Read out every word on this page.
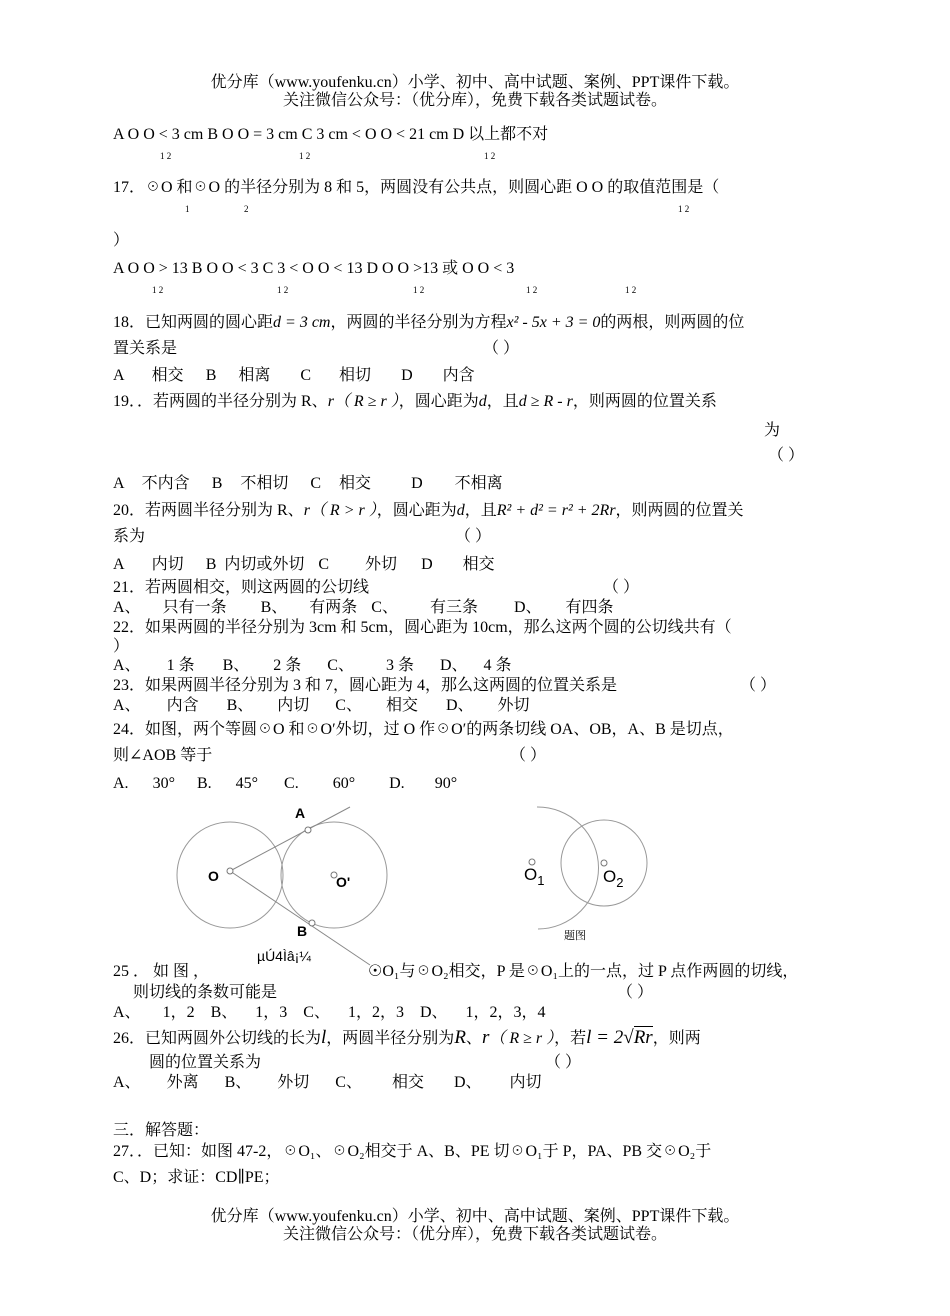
优分库（www.youfenku.cn）小学、初中、高中试题、案例、PPT课件下载。
关注微信公众号：（优分库），免费下载各类试题试卷。
A O O < 3 cm B O O = 3 cm C 3 cm < O O < 21 cm D 以上都不对
1 2	1 2	1 2
17．☉O 和☉O 的半径分别为 8 和 5，两圆没有公共点，则圆心距 O O 的取值范围是（
1	2	1 2
）
A O O > 13 B O O < 3 C 3 < O O < 13 D O O >13 或 O O < 3
1 2	1 2	1 2	1 2	1 2
18．已知两圆的圆心距d = 3 cm，两圆的半径分别为方程x² - 5x + 3 = 0的两根，则两圆的位
置关系是	（ ）
A 相交 B 相离 C 相切 D 内含
19．．若两圆的半径分别为 R、r（ R ≥ r ），圆心距为d，且d ≥ R - r，则两圆的位置关系
为
（ ）
A 不内含 B 不相切 C 相交	D 不相离
20．若两圆半径分别为 R、r（ R > r ），圆心距为d，且R² + d² = r² + 2Rr，则两圆的位置关
系为	（ ）
A 内切 B 内切或外切 C 外切 D 相交
21．若两圆相交，则这两圆的公切线	（ ）
A、 只有一条 B、 有两条 C、 有三条 D、 有四条
22．如果两圆的半径分别为 3cm 和 5cm，圆心距为 10cm，那么这两个圆的公切线共有（
）
A、 1 条 B、 2 条 C、 3 条 D、 4 条
23．如果两圆半径分别为 3 和 7，圆心距为 4，那么这两圆的位置关系是	（ ）
A、 内含 B、 内切 C、 相交 D、 外切
24．如图，两个等圆☉O 和☉O′外切，过 O 作☉O′的两条切线 OA、OB，A、B 是切点，
则∠AOB 等于	（ ）
A. 30° B. 45° C. 60° D. 90°
A
O	O'
B
µÚ4Ìâ¡¼
$O_1$	$O_2$
题图
25 ． 如 图 ，	☉O₁与☉O₂相交，P 是☉O₁上的一点，过 P 点作两圆的切线，
则切线的条数可能是	（ ）
A、 1，2 B、 1，3 C、 1，2，3 D、 1，2，3，4
26．已知两圆外公切线的长为l，两圆半径分别为R、r（ R ≥ r ），若l = 2√Rr，则两
圆的位置关系为	（ ）
A、 外离 B、 外切 C、 相交 D、 内切
三．解答题：
27．．已知：如图 47-2，☉O₁、☉O₂相交于 A、B、PE 切☉O₁于 P，PA、PB 交☉O₂于
C、D；求证：CD∥PE；
优分库（www.youfenku.cn）小学、初中、高中试题、案例、PPT课件下载。
关注微信公众号：（优分库），免费下载各类试题试卷。
